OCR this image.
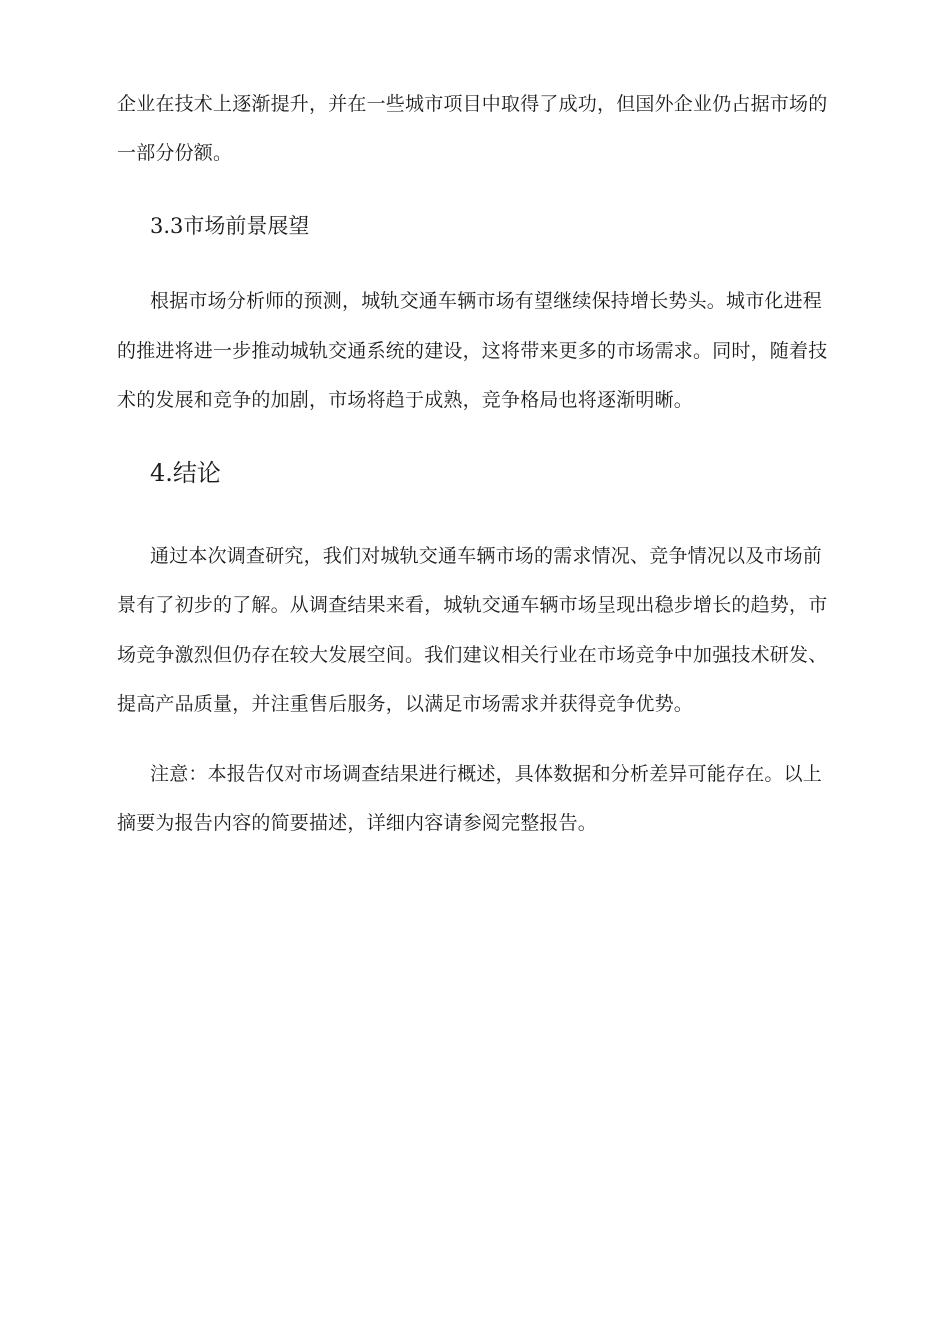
企业在技术上逐渐提升，并在一些城市项目中取得了成功，但国外企业仍占据市场的
一部分份额。
3.3市场前景展望
根据市场分析师的预测，城轨交通车辆市场有望继续保持增长势头。城市化进程
的推进将进一步推动城轨交通系统的建设，这将带来更多的市场需求。同时，随着技
术的发展和竞争的加剧，市场将趋于成熟，竞争格局也将逐渐明晰。
4.结论
通过本次调查研究，我们对城轨交通车辆市场的需求情况、竞争情况以及市场前
景有了初步的了解。从调查结果来看，城轨交通车辆市场呈现出稳步增长的趋势，市
场竞争激烈但仍存在较大发展空间。我们建议相关行业在市场竞争中加强技术研发、
提高产品质量，并注重售后服务，以满足市场需求并获得竞争优势。
注意：本报告仅对市场调查结果进行概述，具体数据和分析差异可能存在。以上
摘要为报告内容的简要描述，详细内容请参阅完整报告。
